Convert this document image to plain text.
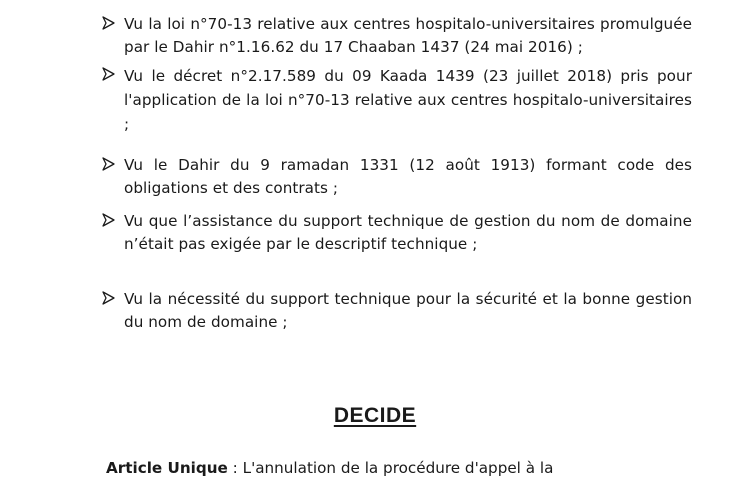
Vu la loi n°70-13 relative aux centres hospitalo-universitaires promulguée par le Dahir n°1.16.62 du 17 Chaaban 1437 (24 mai 2016) ;
Vu le décret n°2.17.589 du 09 Kaada 1439 (23 juillet 2018) pris pour l'application de la loi n°70-13 relative aux centres hospitalo-universitaires ;
Vu le Dahir du 9 ramadan 1331 (12 août 1913) formant code des obligations et des contrats ;
Vu que l’assistance du support technique de gestion du nom de domaine n’était pas exigée par le descriptif technique ;
Vu la nécessité du support technique pour la sécurité et la bonne gestion du nom de domaine ;
DECIDE
Article Unique : L'annulation de la procédure d'appel à la
